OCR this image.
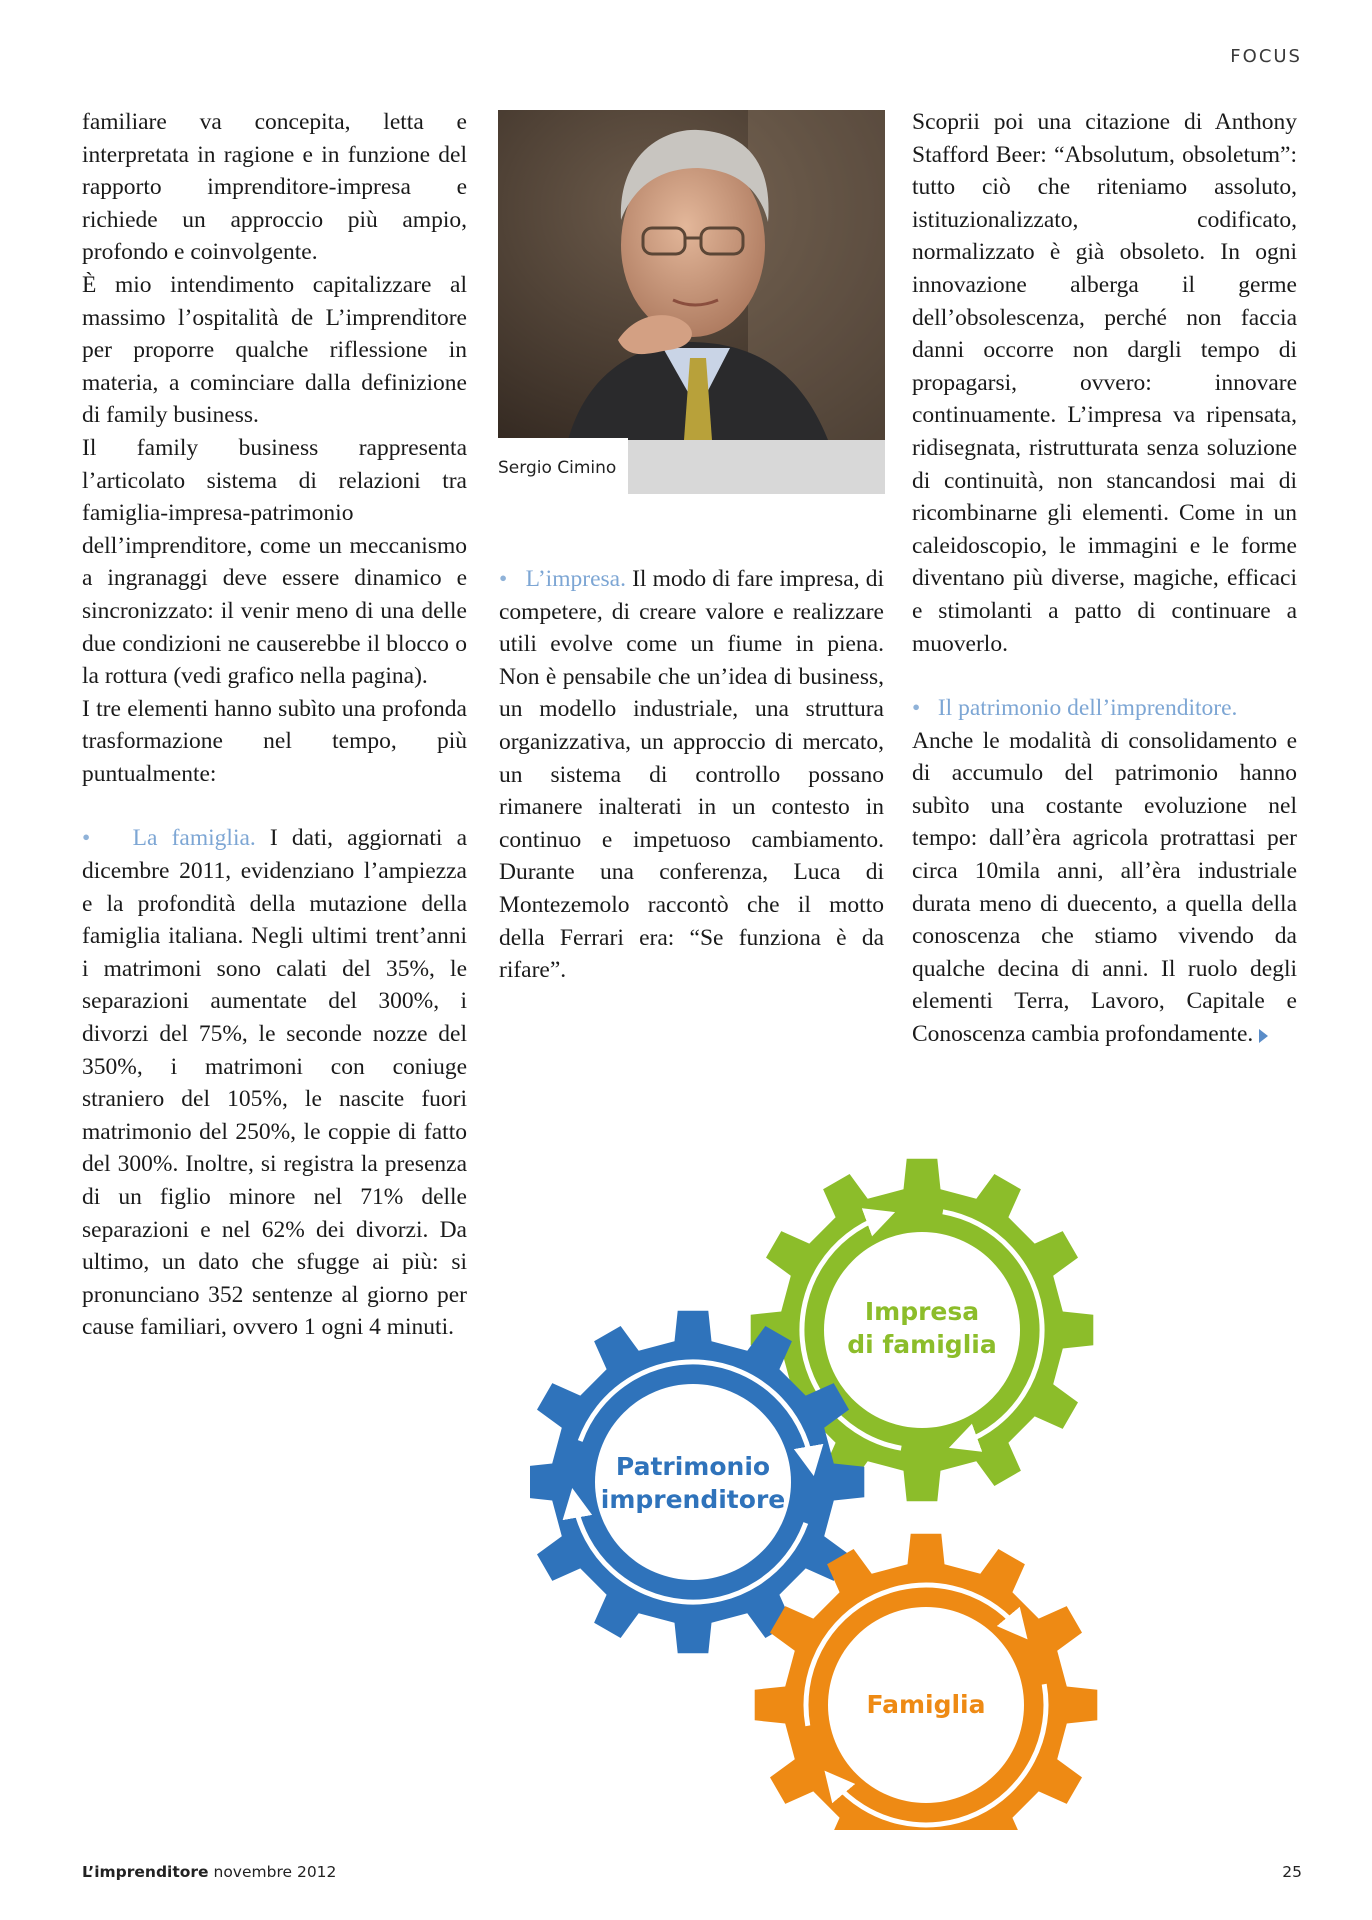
FOCUS

familiare va concepita, letta e interpretata in ragione e in funzione del rapporto imprenditore-impresa e richiede un approccio più ampio, profondo e coinvolgente.

È mio intendimento capitalizzare al massimo l’ospitalità de L’imprenditore per proporre qualche riflessione in materia, a cominciare dalla definizione di family business.

Il family business rappresenta l’articolato sistema di relazioni tra famiglia-impresa-patrimonio dell’imprenditore, come un meccanismo a ingranaggi deve essere dinamico e sincronizzato: il venir meno di una delle due condizioni ne causerebbe il blocco o la rottura (vedi grafico nella pagina).

I tre elementi hanno subìto una profonda trasformazione nel tempo, più puntualmente:

• La famiglia. I dati, aggiornati a dicembre 2011, evidenziano l’ampiezza e la profondità della mutazione della famiglia italiana. Negli ultimi trent’anni i matrimoni sono calati del 35%, le separazioni aumentate del 300%, i divorzi del 75%, le seconde nozze del 350%, i matrimoni con coniuge straniero del 105%, le nascite fuori matrimonio del 250%, le coppie di fatto del 300%. Inoltre, si registra la presenza di un figlio minore nel 71% delle separazioni e nel 62% dei divorzi. Da ultimo, un dato che sfugge ai più: si pronunciano 352 sentenze al giorno per cause familiari, ovvero 1 ogni 4 minuti.

Sergio Cimino

• L’impresa. Il modo di fare impresa, di competere, di creare valore e realizzare utili evolve come un fiume in piena. Non è pensabile che un’idea di business, un modello industriale, una struttura organizzativa, un approccio di mercato, un sistema di controllo possano rimanere inalterati in un contesto in continuo e impetuoso cambiamento. Durante una conferenza, Luca di Montezemolo raccontò che il motto della Ferrari era: “Se funziona è da rifare”.

Scoprii poi una citazione di Anthony Stafford Beer: “Absolutum, obsoletum”: tutto ciò che riteniamo assoluto, istituzionalizzato, codificato, normalizzato è già obsoleto. In ogni innovazione alberga il germe dell’obsolescenza, perché non faccia danni occorre non dargli tempo di propagarsi, ovvero: innovare continuamente. L’impresa va ripensata, ridisegnata, ristrutturata senza soluzione di continuità, non stancandosi mai di ricombinarne gli elementi. Come in un caleidoscopio, le immagini e le forme diventano più diverse, magiche, efficaci e stimolanti a patto di continuare a muoverlo.

• Il patrimonio dell’imprenditore.

Anche le modalità di consolidamento e di accumulo del patrimonio hanno subìto una costante evoluzione nel tempo: dall’èra agricola protrattasi per circa 10mila anni, all’èra industriale durata meno di duecento, a quella della conoscenza che stiamo vivendo da qualche decina di anni. Il ruolo degli elementi Terra, Lavoro, Capitale e Conoscenza cambia profondamente.

Impresa
di famiglia
Patrimonio
imprenditore
Famiglia
L’imprenditore novembre 2012	25
